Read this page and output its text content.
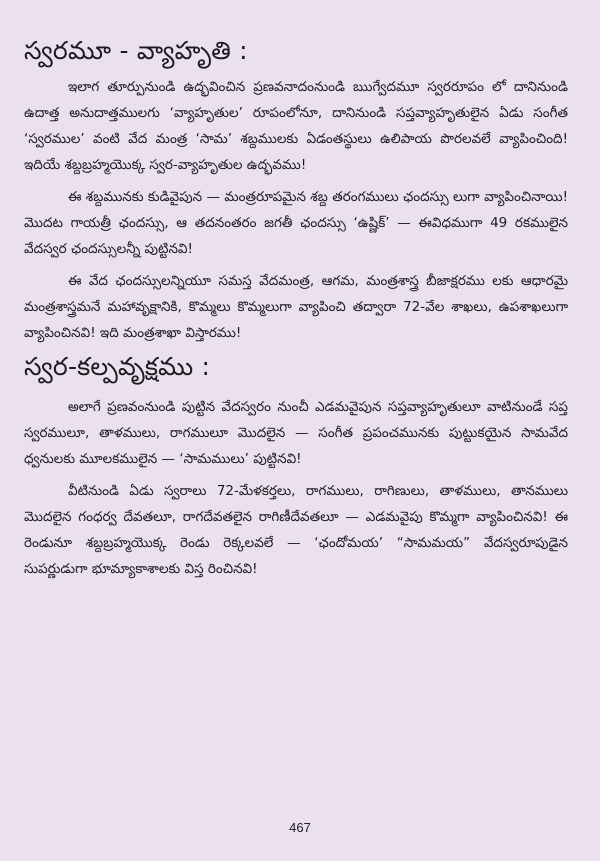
స్వరమూ - వ్యాహృతి :

ఇలాగ తూర్పునుండి ఉద్భవించిన ప్రణవనాదంనుండి ఋగ్వేదమూ స్వరరూపం లో దానినుండి ఉదాత్త అనుదాత్తములగు ‘వ్యాహృతుల’ రూపంలోనూ, దానినుండి సప్తవ్యాహృతులైన ఏడు సంగీత ‘స్వరముల’ వంటి వేద మంత్ర ‘సామ’ శబ్దములకు ఏడంతస్థులు ఉలిపాయ పొరలవలే వ్యాపించింది! ఇదియే శబ్దబ్రహ్మయొక్క స్వర-వ్యాహృతుల ఉద్భవము!

ఈ శబ్దమునకు కుడివైపున — మంత్రరూపమైన శబ్ద తరంగములు ఛందస్సు లుగా వ్యాపించినాయి! మొదట గాయత్రీ ఛందస్సు, ఆ తదనంతరం జగతీ ఛందస్సు ‘ఉష్ణిక్’ — ఈవిధముగా 49 రకములైన వేదస్వర ఛందస్సులన్నీ పుట్టినవి!

ఈ వేద ఛందస్సులన్నియూ సమస్త వేదమంత్ర, ఆగమ, మంత్రశాస్త్ర బీజాక్షరము లకు ఆధారమై మంత్రశాస్త్రమనే మహావృక్షానికి, కొమ్మలు కొమ్మలుగా వ్యాపించి తద్వారా 72-వేల శాఖలు, ఉపశాఖలుగా వ్యాపించినవి! ఇది మంత్రశాఖా విస్తారము!

స్వర-కల్పవృక్షము :

అలాగే ప్రణవంనుండి పుట్టిన వేదస్వరం నుంచీ ఎడమవైపున సప్తవ్యాహృతులూ వాటినుండే సప్త స్వరములూ, తాళములు, రాగములూ మొదలైన — సంగీత ప్రపంచమునకు పుట్టుకయైన సామవేద ధ్వనులకు మూలకములైన — ‘సామములు’ పుట్టినవి!

వీటినుండి ఏడు స్వరాలు 72-మేళకర్తలు, రాగములు, రాగిణులు, తాళములు, తానములు మొదలైన గంధర్వ దేవతలూ, రాగదేవతలైన రాగిణీదేవతలూ — ఎడమవైపు కొమ్మగా వ్యాపించినవి! ఈ రెండునూ శబ్దబ్రహ్మయొక్క రెండు రెక్కలవలే — ‘ఛందోమయ’ “సామమయ” వేదస్వరూపుడైన సుపర్ణుడుగా భూమ్యాకాశాలకు విస్త రించినవి!

467
